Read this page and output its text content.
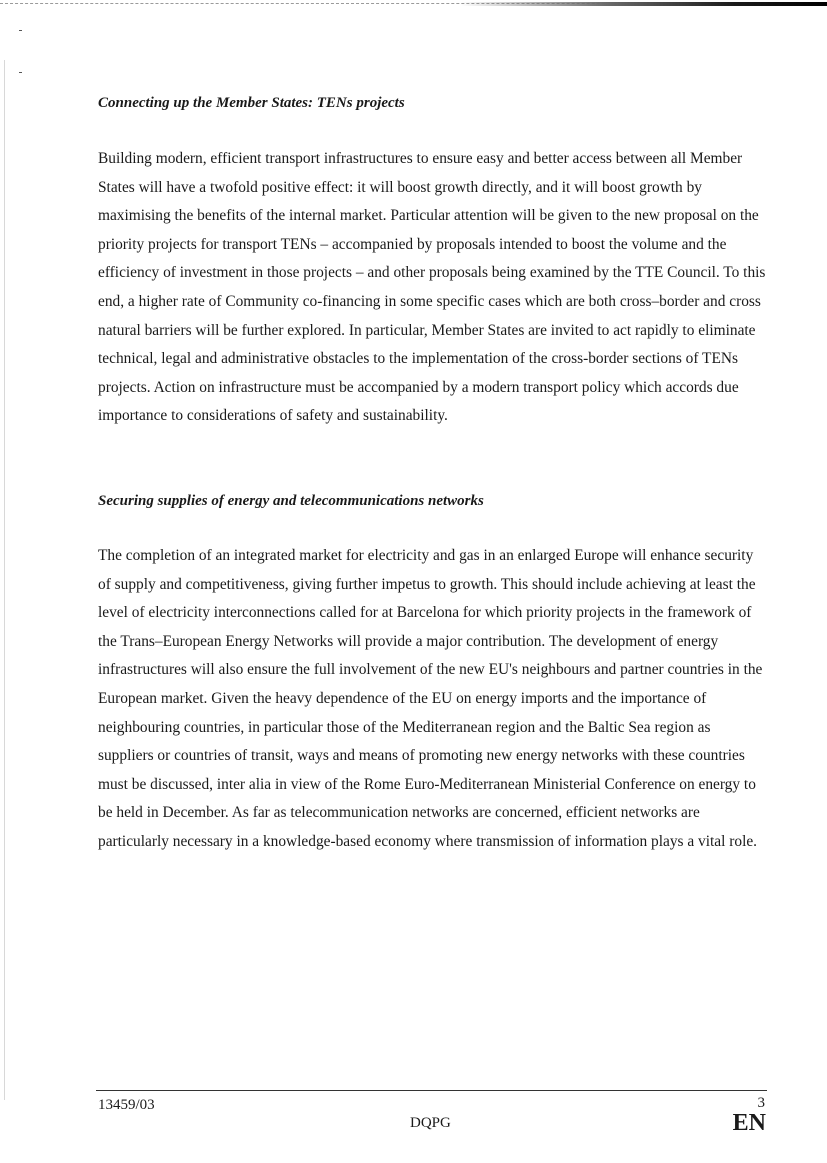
Connecting up the Member States: TENs projects

Building modern, efficient transport infrastructures to ensure easy and better access between all Member States will have a twofold positive effect: it will boost growth directly, and it will boost growth by maximising the benefits of the internal market. Particular attention will be given to the new proposal on the priority projects for transport TENs – accompanied by proposals intended to boost the volume and the efficiency of investment in those projects – and other proposals being examined by the TTE Council. To this end, a higher rate of Community co-financing in some specific cases which are both cross–border and cross natural barriers will be further explored. In particular, Member States are invited to act rapidly to eliminate technical, legal and administrative obstacles to the implementation of the cross-border sections of TENs projects. Action on infrastructure must be accompanied by a modern transport policy which accords due importance to considerations of safety and sustainability.

Securing supplies of energy and telecommunications networks

The completion of an integrated market for electricity and gas in an enlarged Europe will enhance security of supply and competitiveness, giving further impetus to growth. This should include achieving at least the level of electricity interconnections called for at Barcelona for which priority projects in the framework of the Trans–European Energy Networks will provide a major contribution. The development of energy infrastructures will also ensure the full involvement of the new EU's neighbours and partner countries in the European market. Given the heavy dependence of the EU on energy imports and the importance of neighbouring countries, in particular those of the Mediterranean region and the Baltic Sea region as suppliers or countries of transit, ways and means of promoting new energy networks with these countries must be discussed, inter alia in view of the Rome Euro-Mediterranean Ministerial Conference on energy to be held in December. As far as telecommunication networks are concerned, efficient networks are particularly necessary in a knowledge-based economy where transmission of information plays a vital role.

13459/03	3
DQPG	EN
